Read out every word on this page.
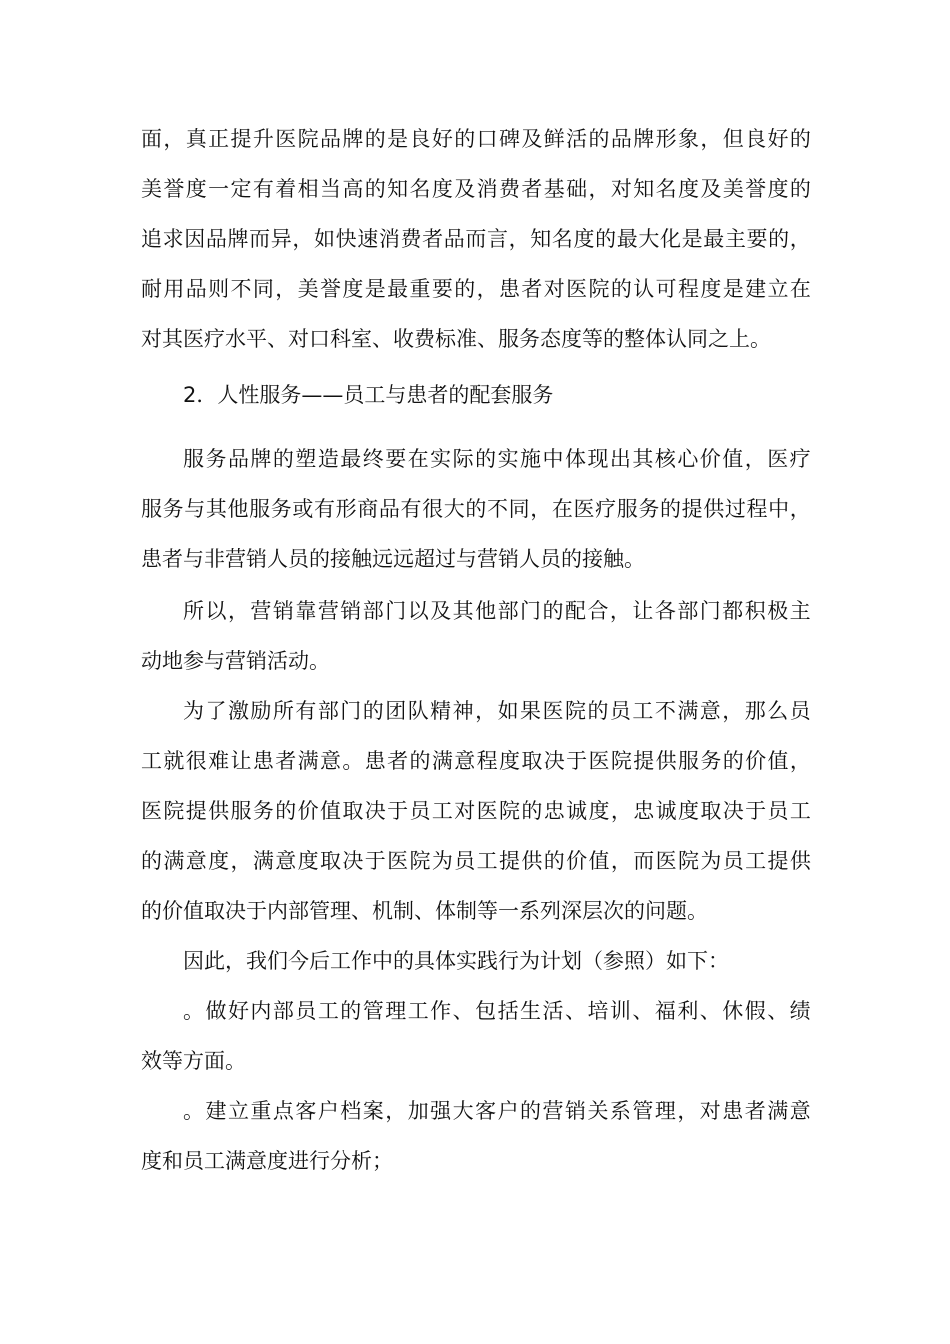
面 ， 真 正 提 升 医 院 品 牌 的 是 良 好 的 口 碑 及 鲜 活 的 品 牌 形 象 ， 但 良 好 的
美 誉 度 一 定 有 着 相 当 高 的 知 名 度 及 消 费 者 基 础 ， 对 知 名 度 及 美 誉 度 的
追 求 因 品 牌 而 异 ， 如 快 速 消 费 者 品 而 言 ， 知 名 度 的 最 大 化 是 最 主 要 的 ，
耐 用 品 则 不 同 ， 美 誉 度 是 最 重 要 的 ， 患 者 对 医 院 的 认 可 程 度 是 建 立 在
对其医疗水平、对口科室、收费标准、服务态度等的整体认同之上。
2．人性服务——员工与患者的配套服务
服 务 品 牌 的 塑 造 最 终 要 在 实 际 的 实 施 中 体 现 出 其 核 心 价 值 ， 医 疗
服 务 与 其 他 服 务 或 有 形 商 品 有 很 大 的 不 同 ， 在 医 疗 服 务 的 提 供 过 程 中 ，
患者与非营销人员的接触远远超过与营销人员的接触。
所 以 ， 营 销 靠 营 销 部 门 以 及 其 他 部 门 的 配 合 ， 让 各 部 门 都 积 极 主
动地参与营销活动。
为 了 激 励 所 有 部 门 的 团 队 精 神 ， 如 果 医 院 的 员 工 不 满 意 ， 那 么 员
工 就 很 难 让 患 者 满 意 。 患 者 的 满 意 程 度 取 决 于 医 院 提 供 服 务 的 价 值 ，
医 院 提 供 服 务 的 价 值 取 决 于 员 工 对 医 院 的 忠 诚 度 ， 忠 诚 度 取 决 于 员 工
的 满 意 度 ， 满 意 度 取 决 于 医 院 为 员 工 提 供 的 价 值 ， 而 医 院 为 员 工 提 供
的价值取决于内部管理、机制、体制等一系列深层次的问题。
因此，我们今后工作中的具体实践行为计划（参照）如下：
。 做 好 内 部 员 工 的 管 理 工 作 、 包 括 生 活 、 培 训 、 福 利 、 休 假 、 绩
效等方面。
。 建 立 重 点 客 户 档 案 ， 加 强 大 客 户 的 营 销 关 系 管 理 ， 对 患 者 满 意
度和员工满意度进行分析；
